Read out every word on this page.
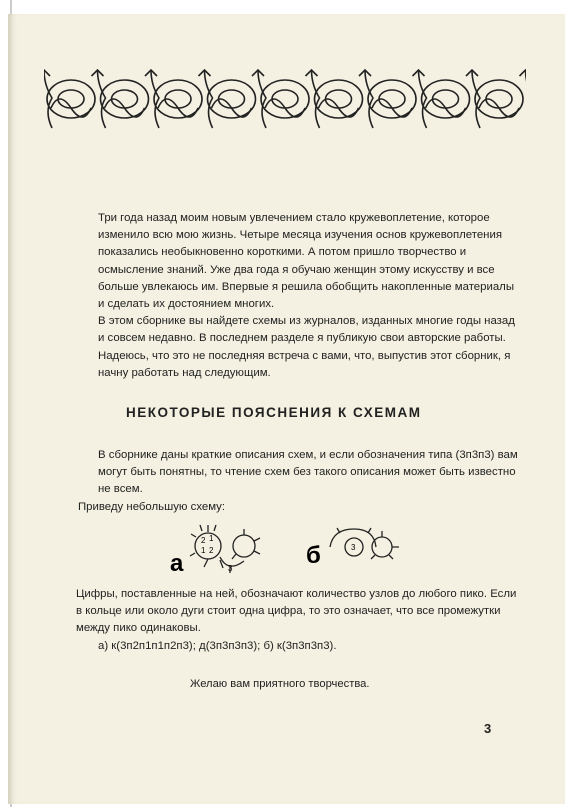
Три года назад моим новым увлечением стало кружевоплетение, которое изменило всю мою жизнь. Четыре месяца изучения основ кружевоплетения показались необыкновенно короткими. А потом пришло творчество и осмысление знаний. Уже два года я обучаю женщин этому искусству и все больше увлекаюсь им. Впервые я решила обобщить накопленные материалы и сделать их достоянием многих.

В этом сборнике вы найдете схемы из журналов, изданных многие годы назад и совсем недавно. В последнем разделе я публикую свои авторские работы.

Надеюсь, что это не последняя встреча с вами, что, выпустив этот сборник, я начну работать над следующим.

НЕКОТОРЫЕ ПОЯСНЕНИЯ К СХЕМАМ

В сборнике даны краткие описания схем, и если обозначения типа (3п3п3) вам могут быть понятны, то чтение схем без такого описания может быть известно не всем.

Приведу небольшую схему:

а
2 1
1 2
3	б	3

Цифры, поставленные на ней, обозначают количество узлов до любого пико. Если в кольце или около дуги стоит одна цифра, то это означает, что все промежутки между пико одинаковы.

а) к(3п2п1п1п2п3); д(3п3п3п3); б) к(3п3п3п3).

Желаю вам приятного творчества.

3
